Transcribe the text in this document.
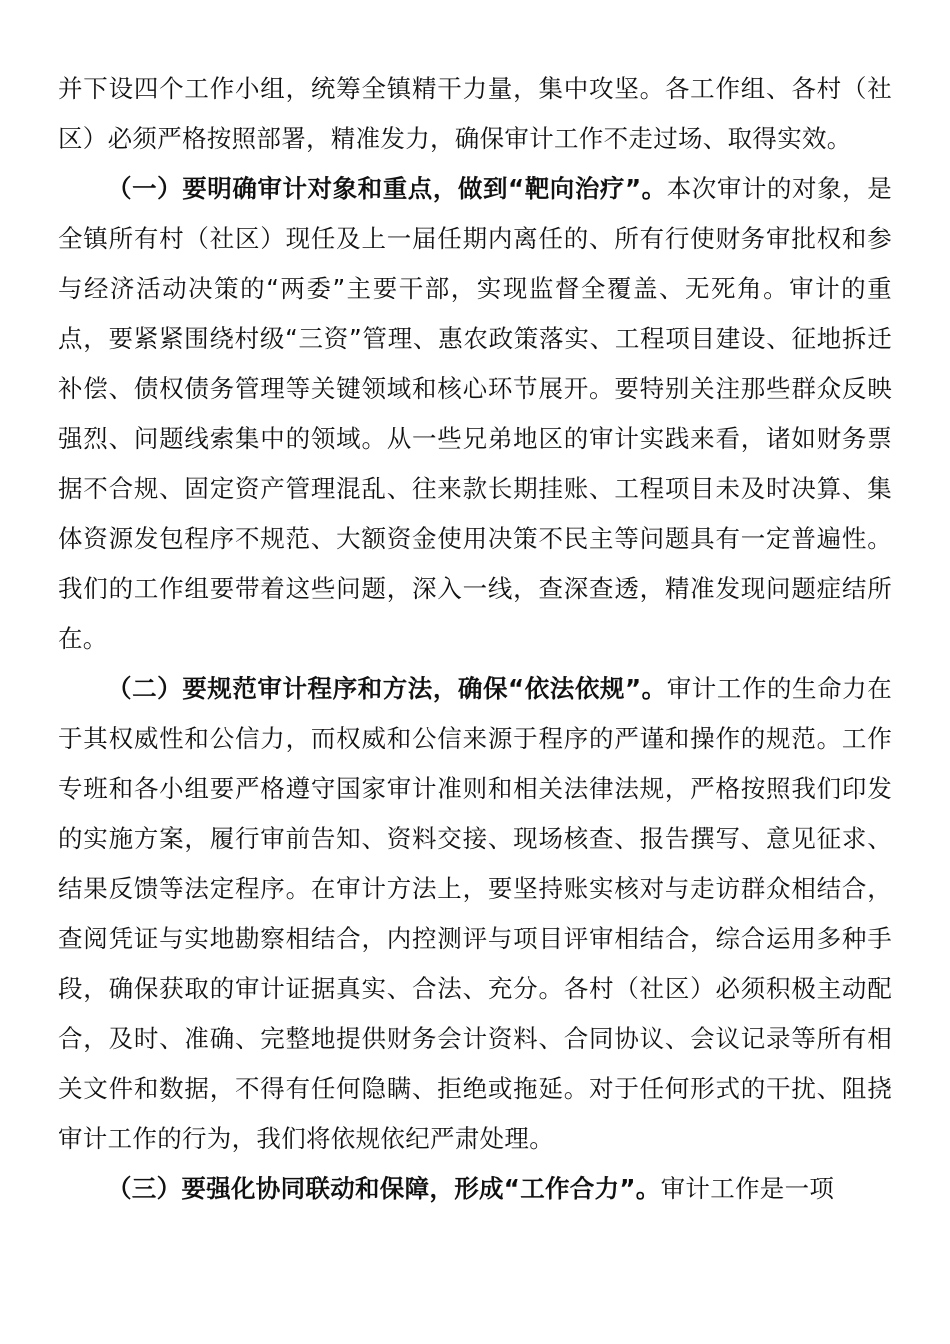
并下设四个工作小组，统筹全镇精干力量，集中攻坚。各工作组、各村（社区）必须严格按照部署，精准发力，确保审计工作不走过场、取得实效。

（一）要明确审计对象和重点，做到“靶向治疗”。本次审计的对象，是全镇所有村（社区）现任及上一届任期内离任的、所有行使财务审批权和参与经济活动决策的“两委”主要干部，实现监督全覆盖、无死角。审计的重点，要紧紧围绕村级“三资”管理、惠农政策落实、工程项目建设、征地拆迁补偿、债权债务管理等关键领域和核心环节展开。要特别关注那些群众反映强烈、问题线索集中的领域。从一些兄弟地区的审计实践来看，诸如财务票据不合规、固定资产管理混乱、往来款长期挂账、工程项目未及时决算、集体资源发包程序不规范、大额资金使用决策不民主等问题具有一定普遍性。我们的工作组要带着这些问题，深入一线，查深查透，精准发现问题症结所在。

（二）要规范审计程序和方法，确保“依法依规”。审计工作的生命力在于其权威性和公信力，而权威和公信来源于程序的严谨和操作的规范。工作专班和各小组要严格遵守国家审计准则和相关法律法规，严格按照我们印发的实施方案，履行审前告知、资料交接、现场核查、报告撰写、意见征求、结果反馈等法定程序。在审计方法上，要坚持账实核对与走访群众相结合，查阅凭证与实地勘察相结合，内控测评与项目评审相结合，综合运用多种手段，确保获取的审计证据真实、合法、充分。各村（社区）必须积极主动配合，及时、准确、完整地提供财务会计资料、合同协议、会议记录等所有相关文件和数据，不得有任何隐瞒、拒绝或拖延。对于任何形式的干扰、阻挠审计工作的行为，我们将依规依纪严肃处理。

（三）要强化协同联动和保障，形成“工作合力”。审计工作是一项
